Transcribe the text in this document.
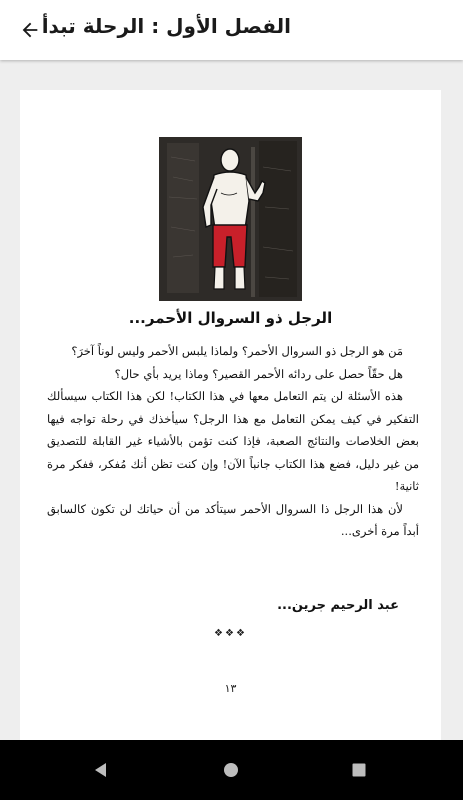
الفصل الأول : الرحلة تبدأ
الرجل ذو السروال الأحمر...

مَن هو الرجل ذو السروال الأحمر؟ ولماذا يلبس الأحمر وليس لوناً آخرَ؟

هل حقّاً حصل على ردائه الأحمر القصير؟ وماذا يريد بأي حال؟

هذه الأسئلة لن يتم التعامل معها في هذا الكتاب! لكن هذا الكتاب سيسألك التفكير في كيف يمكن التعامل مع هذا الرجل؟ سيأخذك في رحلة تواجه فيها بعض الخلاصات والنتائج الصعبة، فإذا كنت تؤمن بالأشياء غير القابلة للتصديق من غير دليل، فضع هذا الكتاب جانباً الآن! وإن كنت تظن أنك مُفكر، ففكر مرة ثانية!

لأن هذا الرجل ذا السروال الأحمر سيتأكد من أن حياتك لن تكون كالسابق أبداً مرة أخرى...

عبد الرحيم جرين...
❖❖❖
١٣
